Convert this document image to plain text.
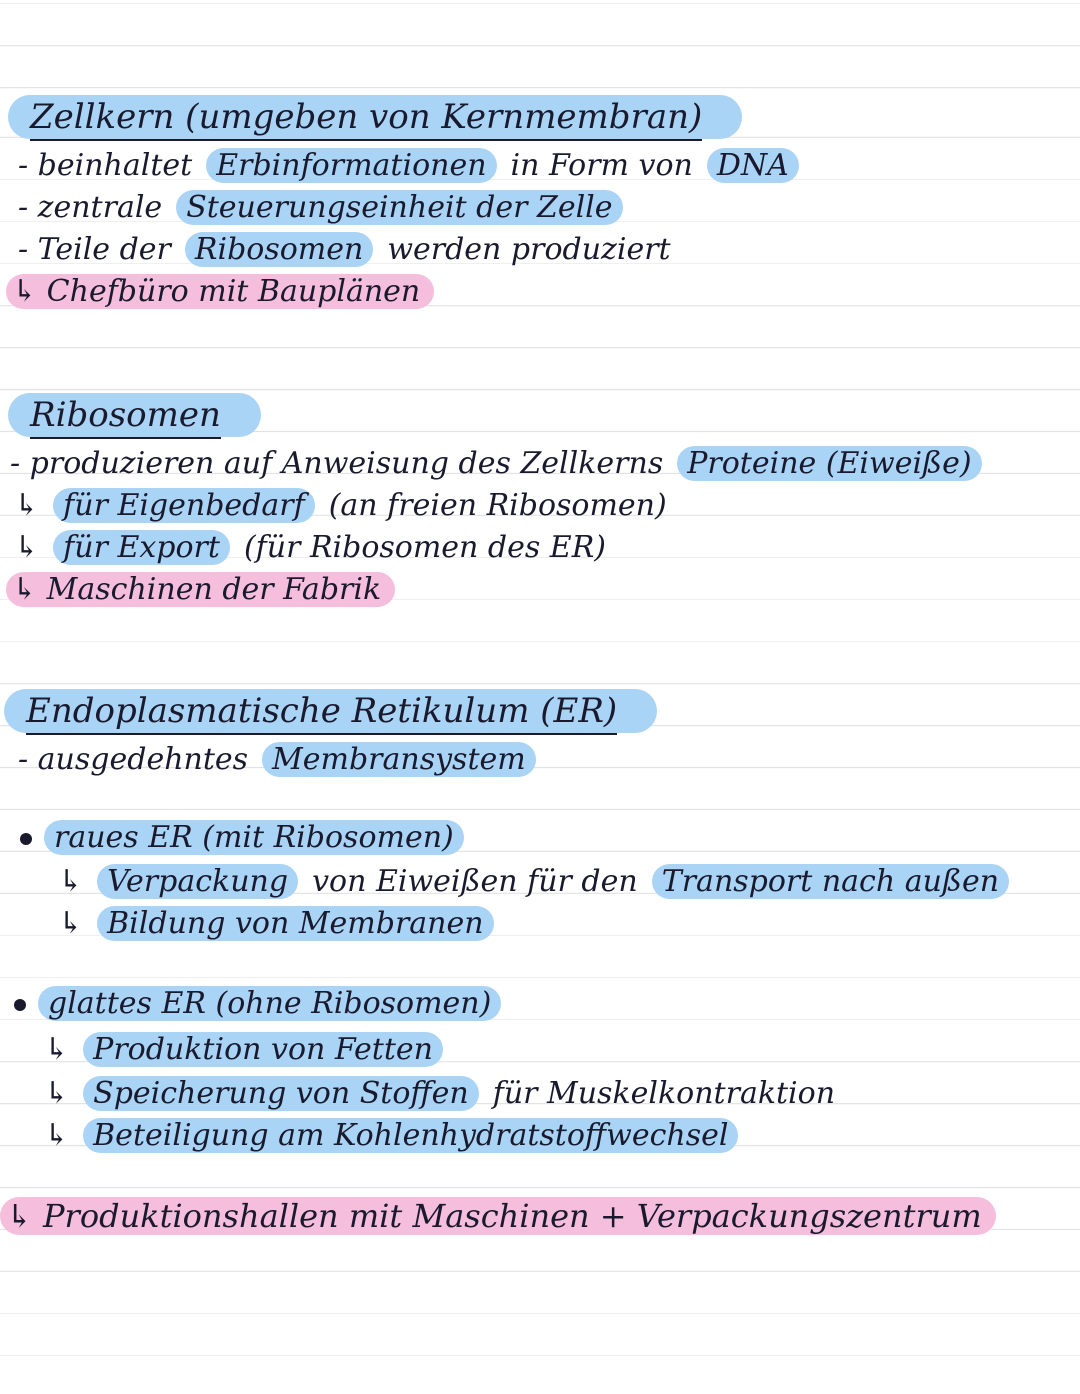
Zellkern (umgeben von Kernmembran)
- beinhaltet Erbinformationen in Form von DNA
- zentrale Steuerungseinheit der Zelle
- Teile der Ribosomen werden produziert
↳ Chefbüro mit Bauplänen
Ribosomen
- produzieren auf Anweisung des Zellkerns Proteine (Eiweiße)
↳ für Eigenbedarf (an freien Ribosomen)
↳ für Export (für Ribosomen des ER)
↳ Maschinen der Fabrik
Endoplasmatische Retikulum (ER)
- ausgedehntes Membransystem
raues ER (mit Ribosomen)
↳ Verpackung von Eiweißen für den Transport nach außen
↳ Bildung von Membranen
glattes ER (ohne Ribosomen)
↳ Produktion von Fetten
↳ Speicherung von Stoffen für Muskelkontraktion
↳ Beteiligung am Kohlenhydratstoffwechsel
↳ Produktionshallen mit Maschinen + Verpackungszentrum
